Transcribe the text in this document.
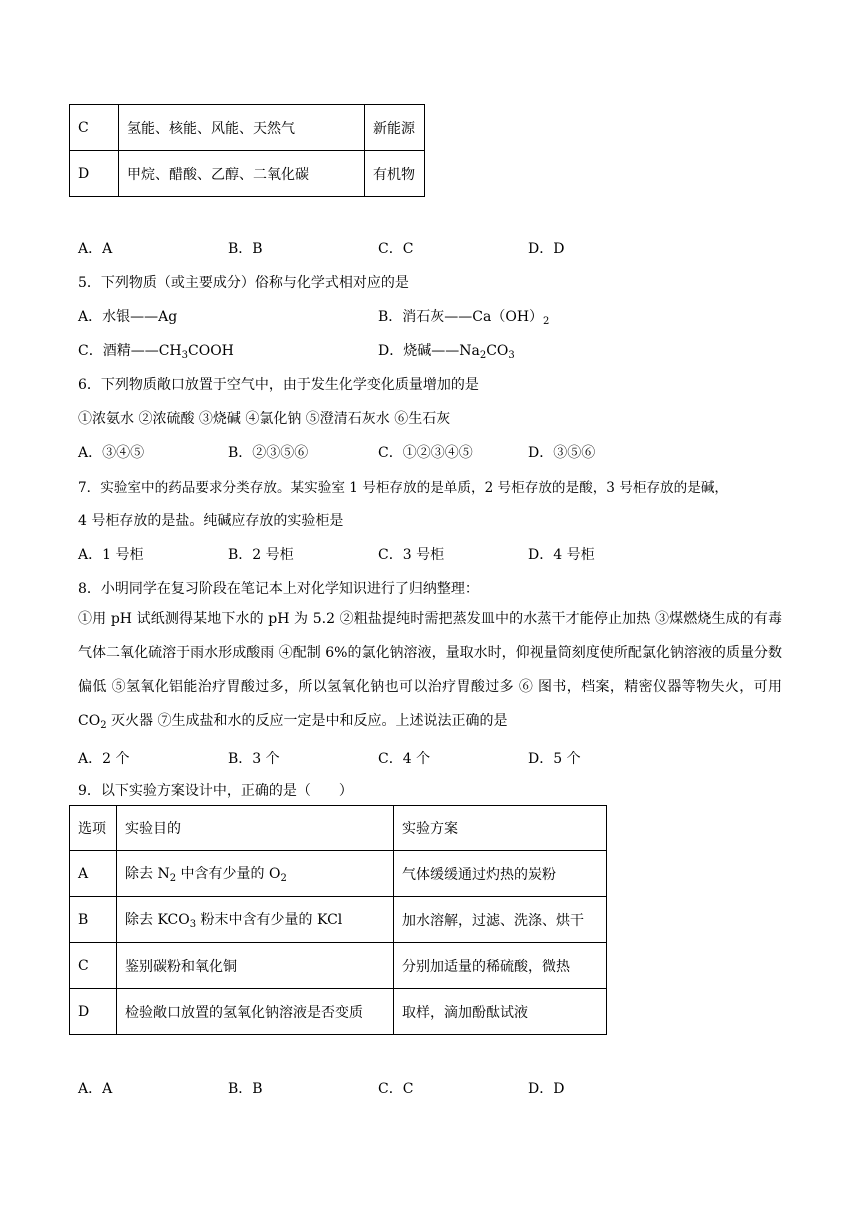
C	氢能、核能、风能、天然气	新能源
D	甲烷、醋酸、乙醇、二氧化碳	有机物
A．A	B．B	C．C	D．D
5．下列物质（或主要成分）俗称与化学式相对应的是
A．水银——Ag	B．消石灰$——Ca(OH)_2$
C．酒精$——CH_3COOH$	D．烧碱$——Na_2CO_3$
6．下列物质敞口放置于空气中，由于发生化学变化质量增加的是
①浓氨水 ②浓硫酸 ③烧碱 ④氯化钠 ⑤澄清石灰水 ⑥生石灰
A．③④⑤	B．②③⑤⑥	C．①②③④⑤	D．③⑤⑥
7．实验室中的药品要求分类存放。某实验室 1 号柜存放的是单质，2 号柜存放的是酸，3 号柜存放的是碱，
4 号柜存放的是盐。纯碱应存放的实验柜是
A．1 号柜	B．2 号柜	C．3 号柜	D．4 号柜
8．小明同学在复习阶段在笔记本上对化学知识进行了归纳整理：
①用 pH 试纸测得某地下水的 pH 为 5.2 ②粗盐提纯时需把蒸发皿中的水蒸干才能停止加热 ③煤燃烧生成的有毒气体二氧化硫溶于雨水形成酸雨 ④配制 6%的氯化钠溶液，量取水时，仰视量筒刻度使所配氯化钠溶液的质量分数偏低 ⑤氢氧化铝能治疗胃酸过多，所以氢氧化钠也可以治疗胃酸过多 ⑥ 图书，档案，精密仪器等物失火，可用 $CO_2$ 灭火器 ⑦生成盐和水的反应一定是中和反应。上述说法正确的是
A．2 个	B．3 个	C．4 个	D．5 个
9．以下实验方案设计中，正确的是（　　）
选项	实验目的	实验方案
A	除去 $N_2$ 中含有少量的 $O_2$	气体缓缓通过灼热的炭粉
B	除去 $KCO_3$ 粉末中含有少量的 KCl	加水溶解，过滤、洗涤、烘干
C	鉴别碳粉和氧化铜	分别加适量的稀硫酸，微热
D	检验敞口放置的氢氧化钠溶液是否变质	取样，滴加酚酞试液
A．A	B．B	C．C	D．D
